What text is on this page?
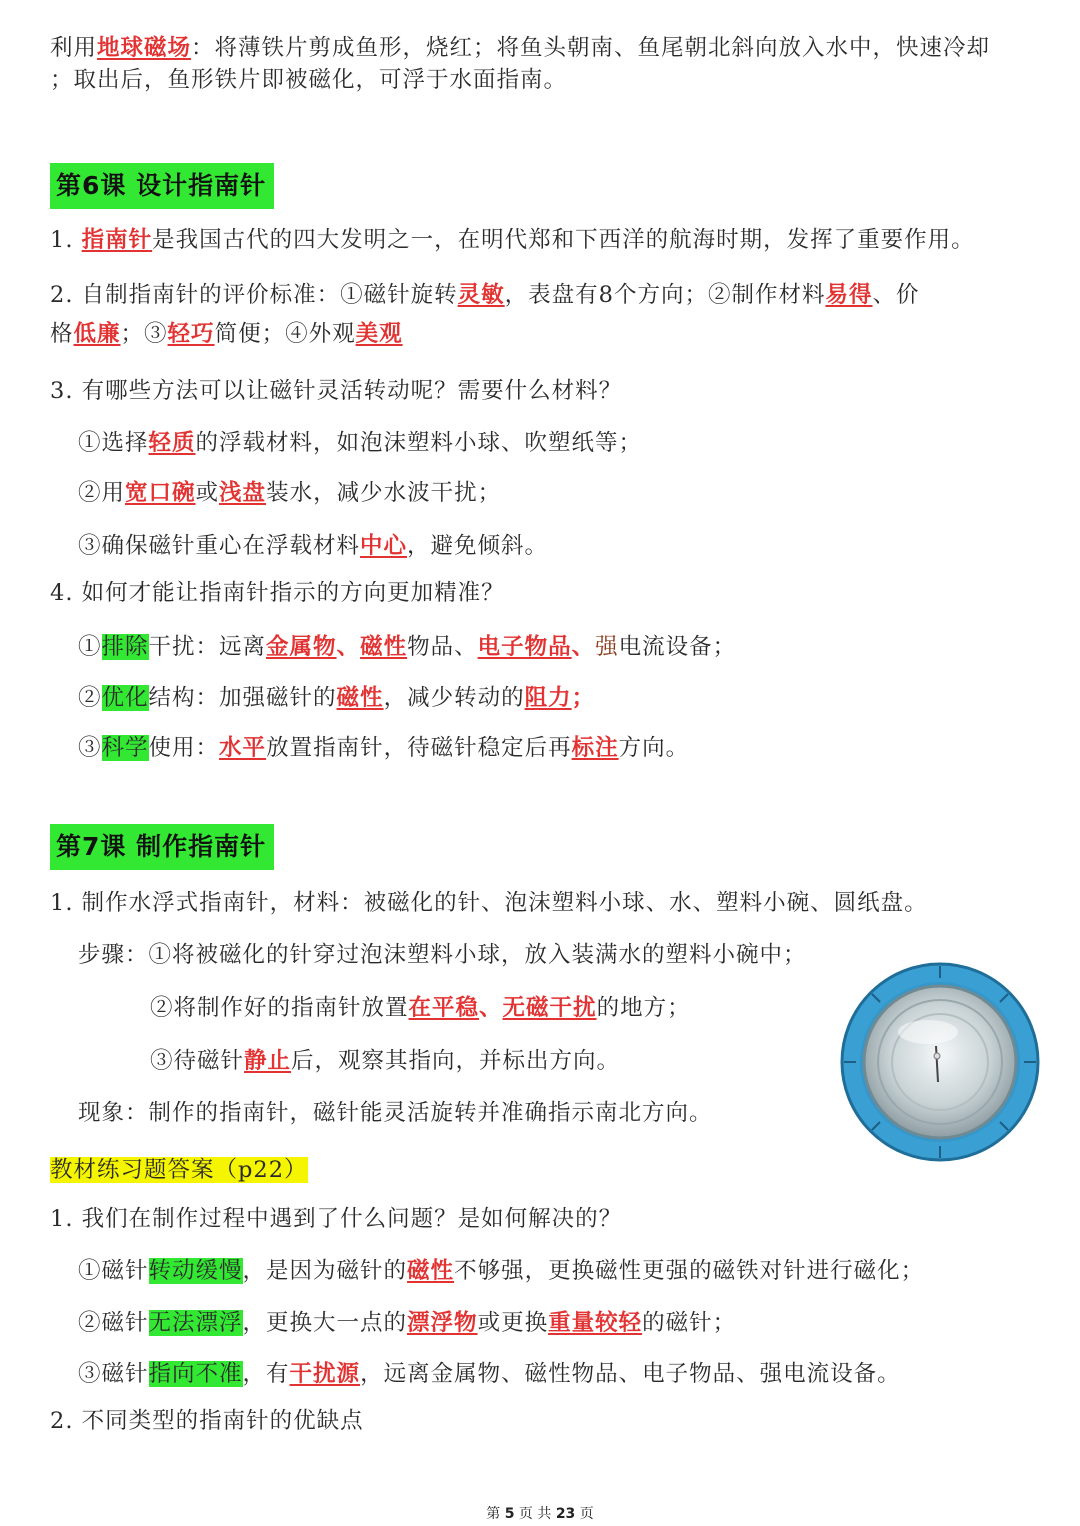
利用地球磁场：将薄铁片剪成鱼形，烧红；将鱼头朝南、鱼尾朝北斜向放入水中，快速冷却
；取出后，鱼形铁片即被磁化，可浮于水面指南。
第6课 设计指南针
1. 指南针是我国古代的四大发明之一，在明代郑和下西洋的航海时期，发挥了重要作用。
2. 自制指南针的评价标准：①磁针旋转灵敏，表盘有8个方向；②制作材料易得、价
格低廉；③轻巧简便；④外观美观
3. 有哪些方法可以让磁针灵活转动呢？需要什么材料？
①选择轻质的浮载材料，如泡沫塑料小球、吹塑纸等；
②用宽口碗或浅盘装水，减少水波干扰；
③确保磁针重心在浮载材料中心，避免倾斜。
4. 如何才能让指南针指示的方向更加精准？
①排除干扰：远离金属物、磁性物品、电子物品、强电流设备；
②优化结构：加强磁针的磁性，减少转动的阻力；
③科学使用：水平放置指南针，待磁针稳定后再标注方向。
第7课 制作指南针
1. 制作水浮式指南针，材料：被磁化的针、泡沫塑料小球、水、塑料小碗、圆纸盘。
步骤：①将被磁化的针穿过泡沫塑料小球，放入装满水的塑料小碗中；
②将制作好的指南针放置在平稳、无磁干扰的地方；
③待磁针静止后，观察其指向，并标出方向。
现象：制作的指南针，磁针能灵活旋转并准确指示南北方向。
教材练习题答案（p22）
1. 我们在制作过程中遇到了什么问题？是如何解决的？
①磁针转动缓慢，是因为磁针的磁性不够强，更换磁性更强的磁铁对针进行磁化；
②磁针无法漂浮，更换大一点的漂浮物或更换重量较轻的磁针；
③磁针指向不准，有干扰源，远离金属物、磁性物品、电子物品、强电流设备。
2. 不同类型的指南针的优缺点
第 5 页 共 23 页
